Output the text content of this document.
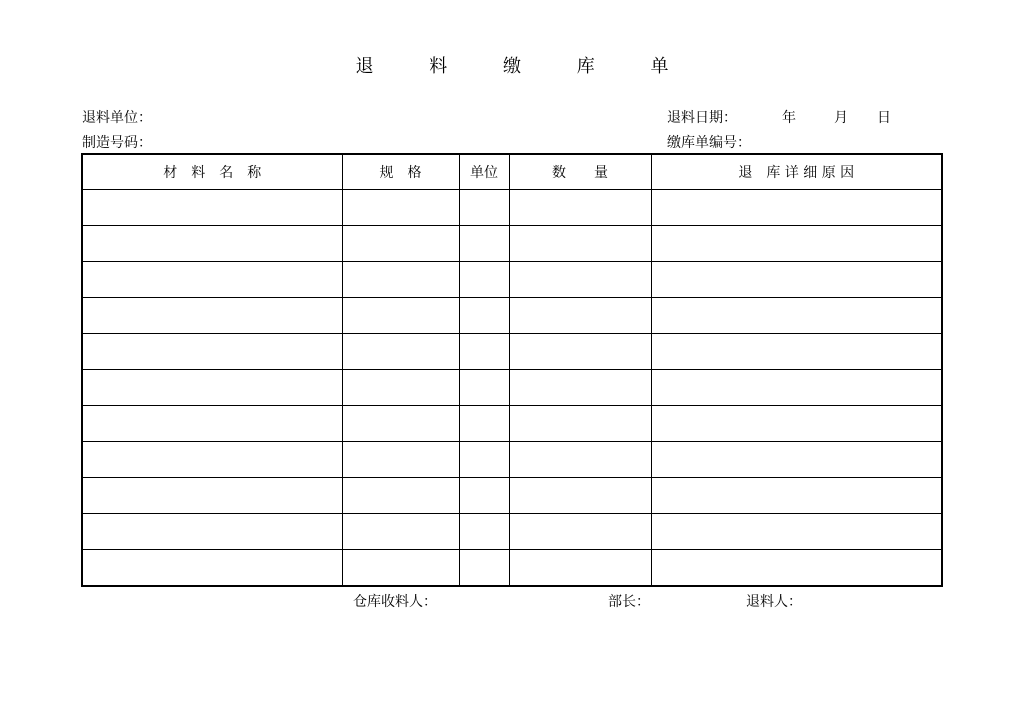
退	料	缴	库	单
退料单位：
制造号码：
退料日期：	年	月 日
缴库单编号：
材　料　名　称	规　格	单位	数　　量	退　库 详 细 原 因

仓库收料人：	部长：	退料人：
